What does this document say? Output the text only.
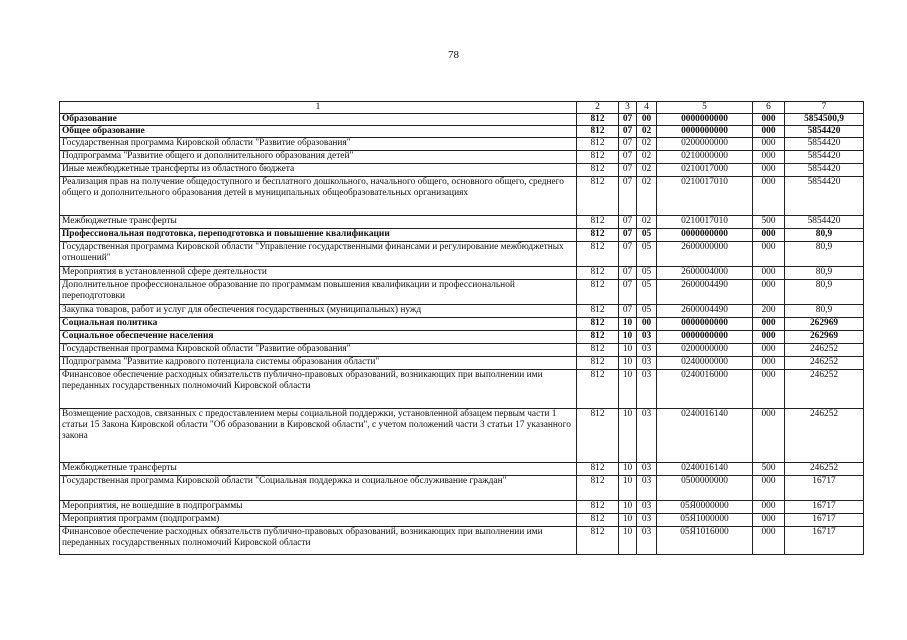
78
1	2	3	4	5	6	7
Образование	812	07	00	0000000000	000	5854500,9
Общее образование	812	07	02	0000000000	000	5854420
Государственная программа Кировской области "Развитие образования"	812	07	02	0200000000	000	5854420
Подпрограмма "Развитие общего и дополнительного образования детей"	812	07	02	0210000000	000	5854420
Иные межбюджетные трансферты из областного бюджета	812	07	02	0210017000	000	5854420
Реализация прав на получение общедоступного и бесплатного дошкольного, начального общего, основного общего, среднего общего и дополнительного образования детей в муниципальных общеобразовательных организациях	812	07	02	0210017010	000	5854420
Межбюджетные трансферты	812	07	02	0210017010	500	5854420
Профессиональная подготовка, переподготовка и повышение квалификации	812	07	05	0000000000	000	80,9
Государственная программа Кировской области "Управление государственными финансами и регулирование межбюджетных отношений"	812	07	05	2600000000	000	80,9
Мероприятия в установленной сфере деятельности	812	07	05	2600004000	000	80,9
Дополнительное профессиональное образование по программам повышения квалификации и профессиональной переподготовки	812	07	05	2600004490	000	80,9
Закупка товаров, работ и услуг для обеспечения государственных (муниципальных) нужд	812	07	05	2600004490	200	80,9
Социальная политика	812	10	00	0000000000	000	262969
Социальное обеспечение населения	812	10	03	0000000000	000	262969
Государственная программа Кировской области "Развитие образования"	812	10	03	0200000000	000	246252
Подпрограмма "Развитие кадрового потенциала системы образования области"	812	10	03	0240000000	000	246252
Финансовое обеспечение расходных обязательств публично-правовых образований, возникающих при выполнении ими переданных государственных полномочий Кировской области	812	10	03	0240016000	000	246252
Возмещение расходов, связанных с предоставлением меры социальной поддержки, установленной абзацем первым части 1 статьи 15 Закона Кировской области "Об образовании в Кировской области", с учетом положений части 3 статьи 17 указанного закона	812	10	03	0240016140	000	246252
Межбюджетные трансферты	812	10	03	0240016140	500	246252
Государственная программа Кировской области "Социальная поддержка и социальное обслуживание граждан"	812	10	03	0500000000	000	16717
Мероприятия, не вошедшие в подпрограммы	812	10	03	05Я0000000	000	16717
Мероприятия программ (подпрограмм)	812	10	03	05Я1000000	000	16717
Финансовое обеспечение расходных обязательств публично-правовых образований, возникающих при выполнении ими переданных государственных полномочий Кировской области	812	10	03	05Я1016000	000	16717
